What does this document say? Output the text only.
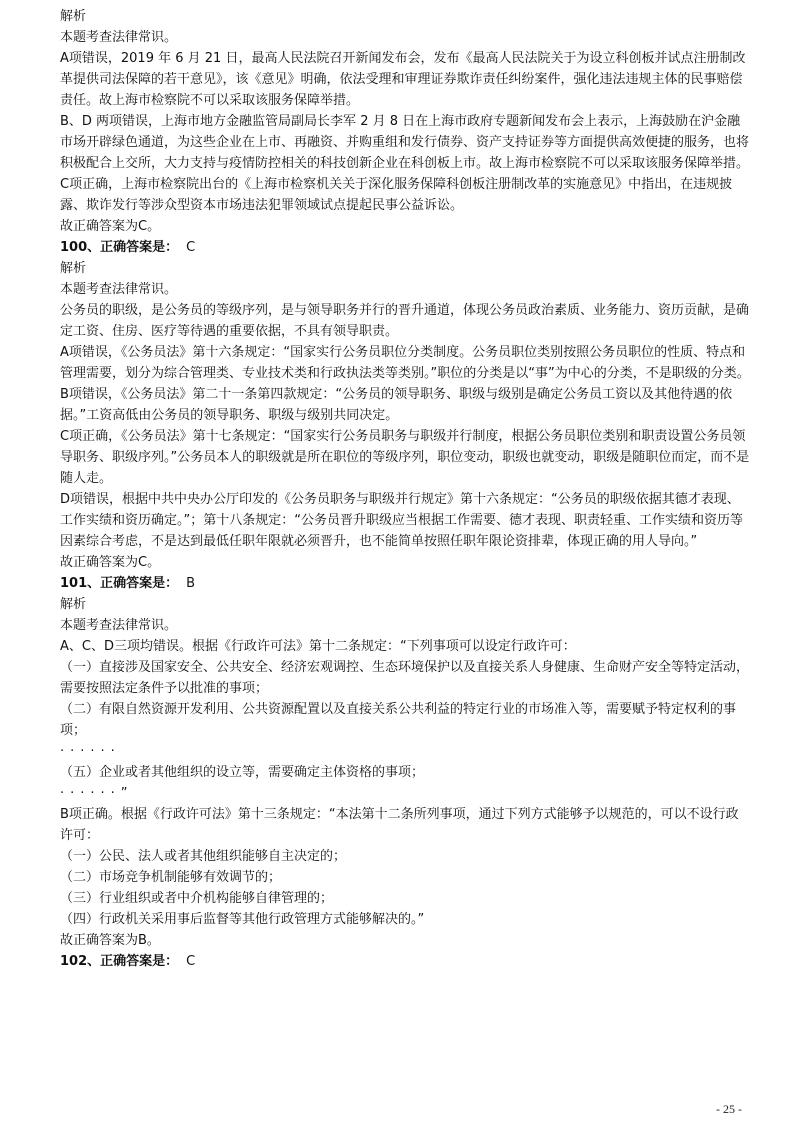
解析

本题考查法律常识。

A项错误，2019 年 6 月 21 日，最高人民法院召开新闻发布会，发布《最高人民法院关于为设立科创板并试点注册制改革提供司法保障的若干意见》，该《意见》明确，依法受理和审理证券欺诈责任纠纷案件，强化违法违规主体的民事赔偿责任。故上海市检察院不可以采取该服务保障举措。

B、D 两项错误，上海市地方金融监管局副局长李军 2 月 8 日在上海市政府专题新闻发布会上表示，上海鼓励在沪金融市场开辟绿色通道，为这些企业在上市、再融资、并购重组和发行债券、资产支持证券等方面提供高效便捷的服务，也将积极配合上交所，大力支持与疫情防控相关的科技创新企业在科创板上市。故上海市检察院不可以采取该服务保障举措。

C项正确，上海市检察院出台的《上海市检察机关关于深化服务保障科创板注册制改革的实施意见》中指出，在违规披露、欺诈发行等涉众型资本市场违法犯罪领域试点提起民事公益诉讼。

故正确答案为C。

100、正确答案是： C

解析

本题考查法律常识。

公务员的职级，是公务员的等级序列，是与领导职务并行的晋升通道，体现公务员政治素质、业务能力、资历贡献，是确定工资、住房、医疗等待遇的重要依据，不具有领导职责。

A项错误，《公务员法》第十六条规定：“国家实行公务员职位分类制度。公务员职位类别按照公务员职位的性质、特点和管理需要，划分为综合管理类、专业技术类和行政执法类等类别。”职位的分类是以“事”为中心的分类，不是职级的分类。

B项错误，《公务员法》第二十一条第四款规定：“公务员的领导职务、职级与级别是确定公务员工资以及其他待遇的依据。”工资高低由公务员的领导职务、职级与级别共同决定。

C项正确，《公务员法》第十七条规定：“国家实行公务员职务与职级并行制度，根据公务员职位类别和职责设置公务员领导职务、职级序列。”公务员本人的职级就是所在职位的等级序列，职位变动，职级也就变动，职级是随职位而定，而不是随人走。

D项错误，根据中共中央办公厅印发的《公务员职务与职级并行规定》第十六条规定：“公务员的职级依据其德才表现、工作实绩和资历确定。”；第十八条规定：“公务员晋升职级应当根据工作需要、德才表现、职责轻重、工作实绩和资历等因素综合考虑，不是达到最低任职年限就必须晋升，也不能简单按照任职年限论资排辈，体现正确的用人导向。”

故正确答案为C。

101、正确答案是： B

解析

本题考查法律常识。

A、C、D三项均错误。根据《行政许可法》第十二条规定：“下列事项可以设定行政许可：

（一）直接涉及国家安全、公共安全、经济宏观调控、生态环境保护以及直接关系人身健康、生命财产安全等特定活动，需要按照法定条件予以批准的事项；

（二）有限自然资源开发利用、公共资源配置以及直接关系公共利益的特定行业的市场准入等，需要赋予特定权利的事项；

······

（五）企业或者其他组织的设立等，需要确定主体资格的事项；

······”

B项正确。根据《行政许可法》第十三条规定：“本法第十二条所列事项，通过下列方式能够予以规范的，可以不设行政许可：

（一）公民、法人或者其他组织能够自主决定的；

（二）市场竞争机制能够有效调节的；

（三）行业组织或者中介机构能够自律管理的；

（四）行政机关采用事后监督等其他行政管理方式能够解决的。”

故正确答案为B。

102、正确答案是： C

- 25 -
